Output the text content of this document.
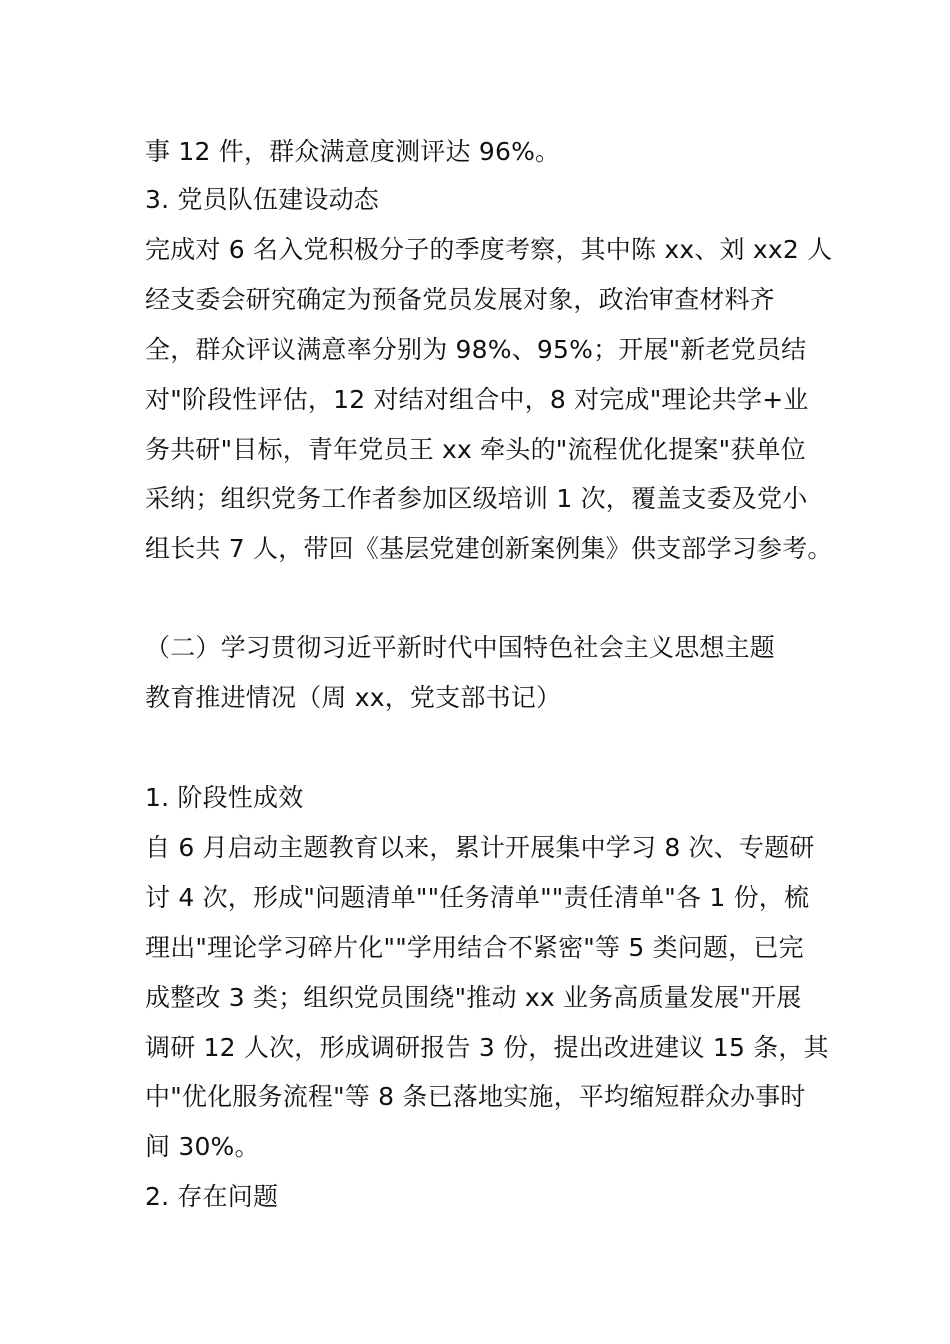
事 12 件，群众满意度测评达 96%。
3. 党员队伍建设动态
完成对 6 名入党积极分子的季度考察，其中陈 xx、刘 xx2 人
经支委会研究确定为预备党员发展对象，政治审查材料齐
全，群众评议满意率分别为 98%、95%；开展"新老党员结
对"阶段性评估，12 对结对组合中，8 对完成"理论共学+业
务共研"目标，青年党员王 xx 牵头的"流程优化提案"获单位
采纳；组织党务工作者参加区级培训 1 次，覆盖支委及党小
组长共 7 人，带回《基层党建创新案例集》供支部学习参考。
（二）学习贯彻习近平新时代中国特色社会主义思想主题
教育推进情况（周 xx，党支部书记）
1. 阶段性成效
自 6 月启动主题教育以来，累计开展集中学习 8 次、专题研
讨 4 次，形成"问题清单""任务清单""责任清单"各 1 份，梳
理出"理论学习碎片化""学用结合不紧密"等 5 类问题，已完
成整改 3 类；组织党员围绕"推动 xx 业务高质量发展"开展
调研 12 人次，形成调研报告 3 份，提出改进建议 15 条，其
中"优化服务流程"等 8 条已落地实施，平均缩短群众办事时
间 30%。
2. 存在问题
